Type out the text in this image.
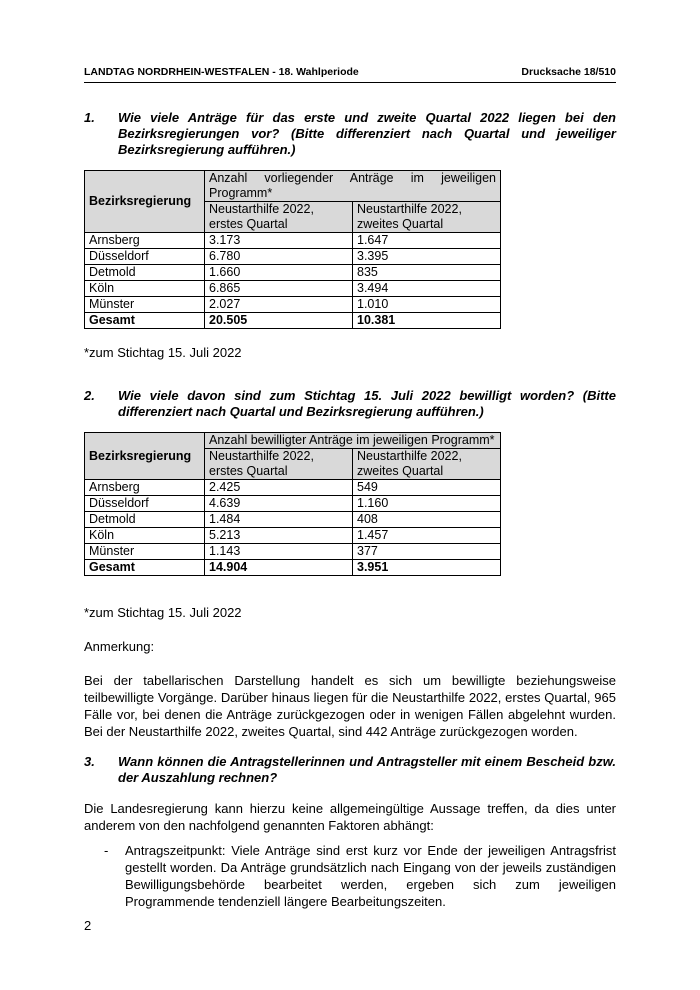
LANDTAG NORDRHEIN-WESTFALEN - 18. Wahlperiode	Drucksache 18/510
1. Wie viele Anträge für das erste und zweite Quartal 2022 liegen bei den Bezirksregierungen vor? (Bitte differenziert nach Quartal und jeweiliger Bezirksregierung aufführen.)
Bezirksregierung	Anzahl vorliegender Anträge im jeweiligen Programm*	
	Neustarthilfe 2022, erstes Quartal	Neustarthilfe 2022, zweites Quartal
Arnsberg	3.173	1.647
Düsseldorf	6.780	3.395
Detmold	1.660	835
Köln	6.865	3.494
Münster	2.027	1.010
Gesamt	20.505	10.381
*zum Stichtag 15. Juli 2022
2. Wie viele davon sind zum Stichtag 15. Juli 2022 bewilligt worden? (Bitte differenziert nach Quartal und Bezirksregierung aufführen.)
Bezirksregierung	Anzahl bewilligter Anträge im jeweiligen Programm*	
	Neustarthilfe 2022, erstes Quartal	Neustarthilfe 2022, zweites Quartal
Arnsberg	2.425	549
Düsseldorf	4.639	1.160
Detmold	1.484	408
Köln	5.213	1.457
Münster	1.143	377
Gesamt	14.904	3.951
*zum Stichtag 15. Juli 2022
Anmerkung:
Bei der tabellarischen Darstellung handelt es sich um bewilligte beziehungsweise teilbewilligte Vorgänge. Darüber hinaus liegen für die Neustarthilfe 2022, erstes Quartal, 965 Fälle vor, bei denen die Anträge zurückgezogen oder in wenigen Fällen abgelehnt wurden. Bei der Neustarthilfe 2022, zweites Quartal, sind 442 Anträge zurückgezogen worden.
3. Wann können die Antragstellerinnen und Antragsteller mit einem Bescheid bzw. der Auszahlung rechnen?
Die Landesregierung kann hierzu keine allgemeingültige Aussage treffen, da dies unter anderem von den nachfolgend genannten Faktoren abhängt:
- Antragszeitpunkt: Viele Anträge sind erst kurz vor Ende der jeweiligen Antragsfrist gestellt worden. Da Anträge grundsätzlich nach Eingang von der jeweils zuständigen Bewilligungsbehörde bearbeitet werden, ergeben sich zum jeweiligen Programmende tendenziell längere Bearbeitungszeiten.
2
